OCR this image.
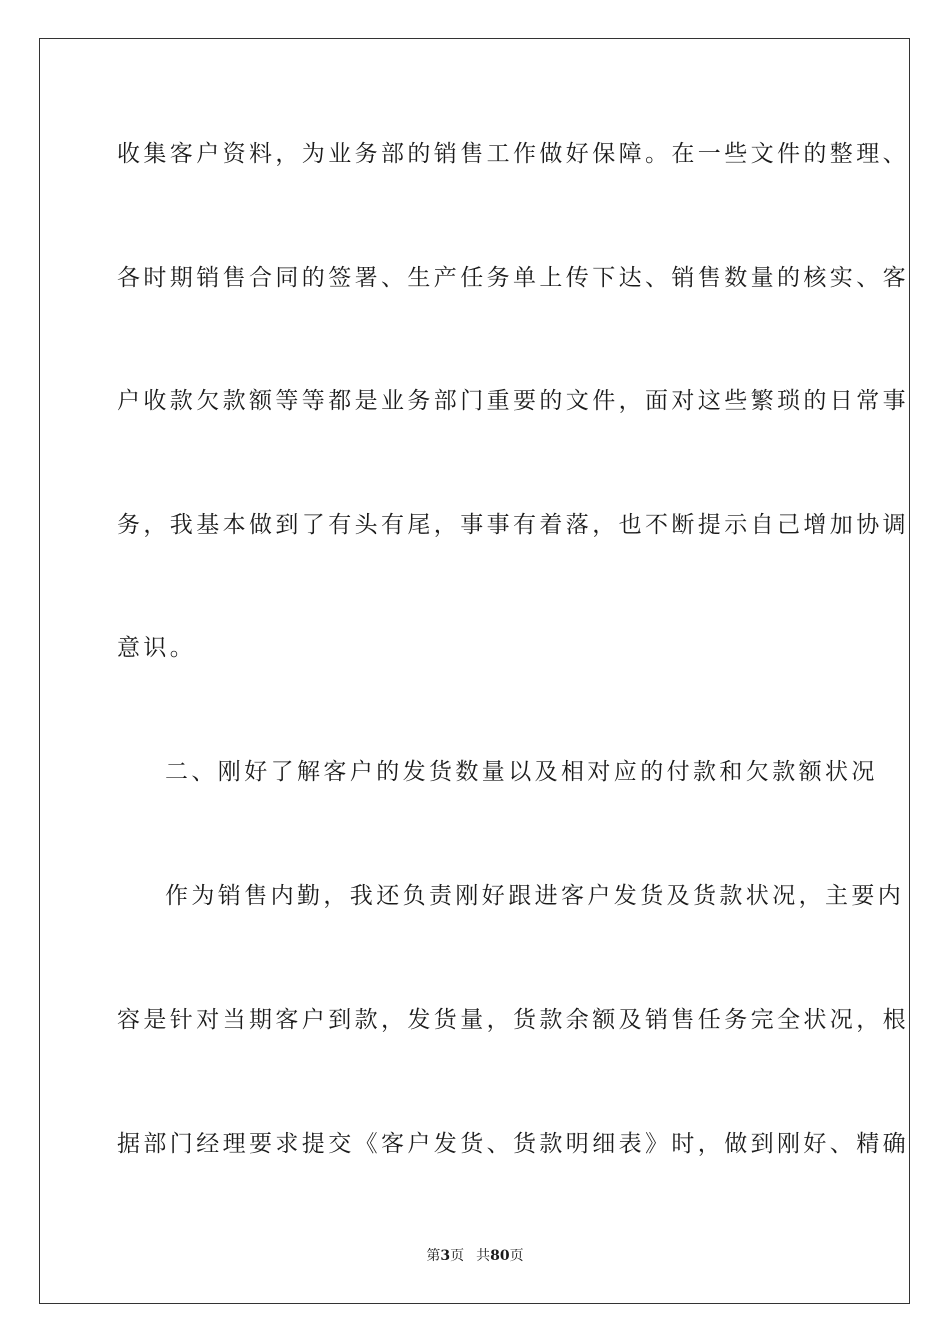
收集客户资料，为业务部的销售工作做好保障。在一些文件的整理、
各时期销售合同的签署、生产任务单上传下达、销售数量的核实、客
户收款欠款额等等都是业务部门重要的文件，面对这些繁琐的日常事
务，我基本做到了有头有尾，事事有着落，也不断提示自己增加协调
意识。
二、刚好了解客户的发货数量以及相对应的付款和欠款额状况
作为销售内勤，我还负责刚好跟进客户发货及货款状况，主要内
容是针对当期客户到款，发货量，货款余额及销售任务完全状况，根
据部门经理要求提交《客户发货、货款明细表》时，做到刚好、精确
第3页 共80页
